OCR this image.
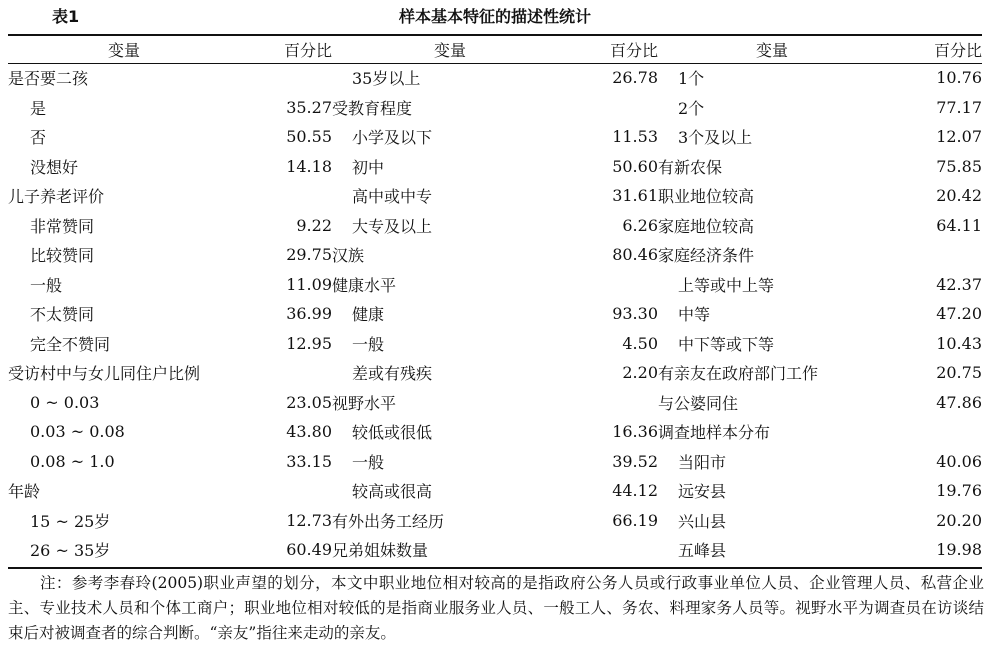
表1	样本基本特征的描述性统计
变量	百分比	变量	百分比	变量	百分比
是否要二孩		35岁以上	26.78	1个	10.76
是	35.27	受教育程度		2个	77.17
否	50.55	小学及以下	11.53	3个及以上	12.07
没想好	14.18	初中	50.60	有新农保	75.85
儿子养老评价		高中或中专	31.61	职业地位较高	20.42
非常赞同	9.22	大专及以上	6.26	家庭地位较高	64.11
比较赞同	29.75	汉族	80.46	家庭经济条件	
一般	11.09	健康水平		上等或中上等	42.37
不太赞同	36.99	健康	93.30	中等	47.20
完全不赞同	12.95	一般	4.50	中下等或下等	10.43
受访村中与女儿同住户比例		差或有残疾	2.20	有亲友在政府部门工作	20.75
0 ~ 0.03	23.05	视野水平		与公婆同住	47.86
0.03 ~ 0.08	43.80	较低或很低	16.36	调查地样本分布	
0.08 ~ 1.0	33.15	一般	39.52	当阳市	40.06
年龄		较高或很高	44.12	远安县	19.76
15 ~ 25岁	12.73	有外出务工经历	66.19	兴山县	20.20
26 ~ 35岁	60.49	兄弟姐妹数量		五峰县	19.98
注：参考李春玲(2005)职业声望的划分，本文中职业地位相对较高的是指政府公务人员或行政事业单位人员、企业管理人员、私营企业主、专业技术人员和个体工商户；职业地位相对较低的是指商业服务业人员、一般工人、务农、料理家务人员等。视野水平为调查员在访谈结束后对被调查者的综合判断。“亲友”指往来走动的亲友。
